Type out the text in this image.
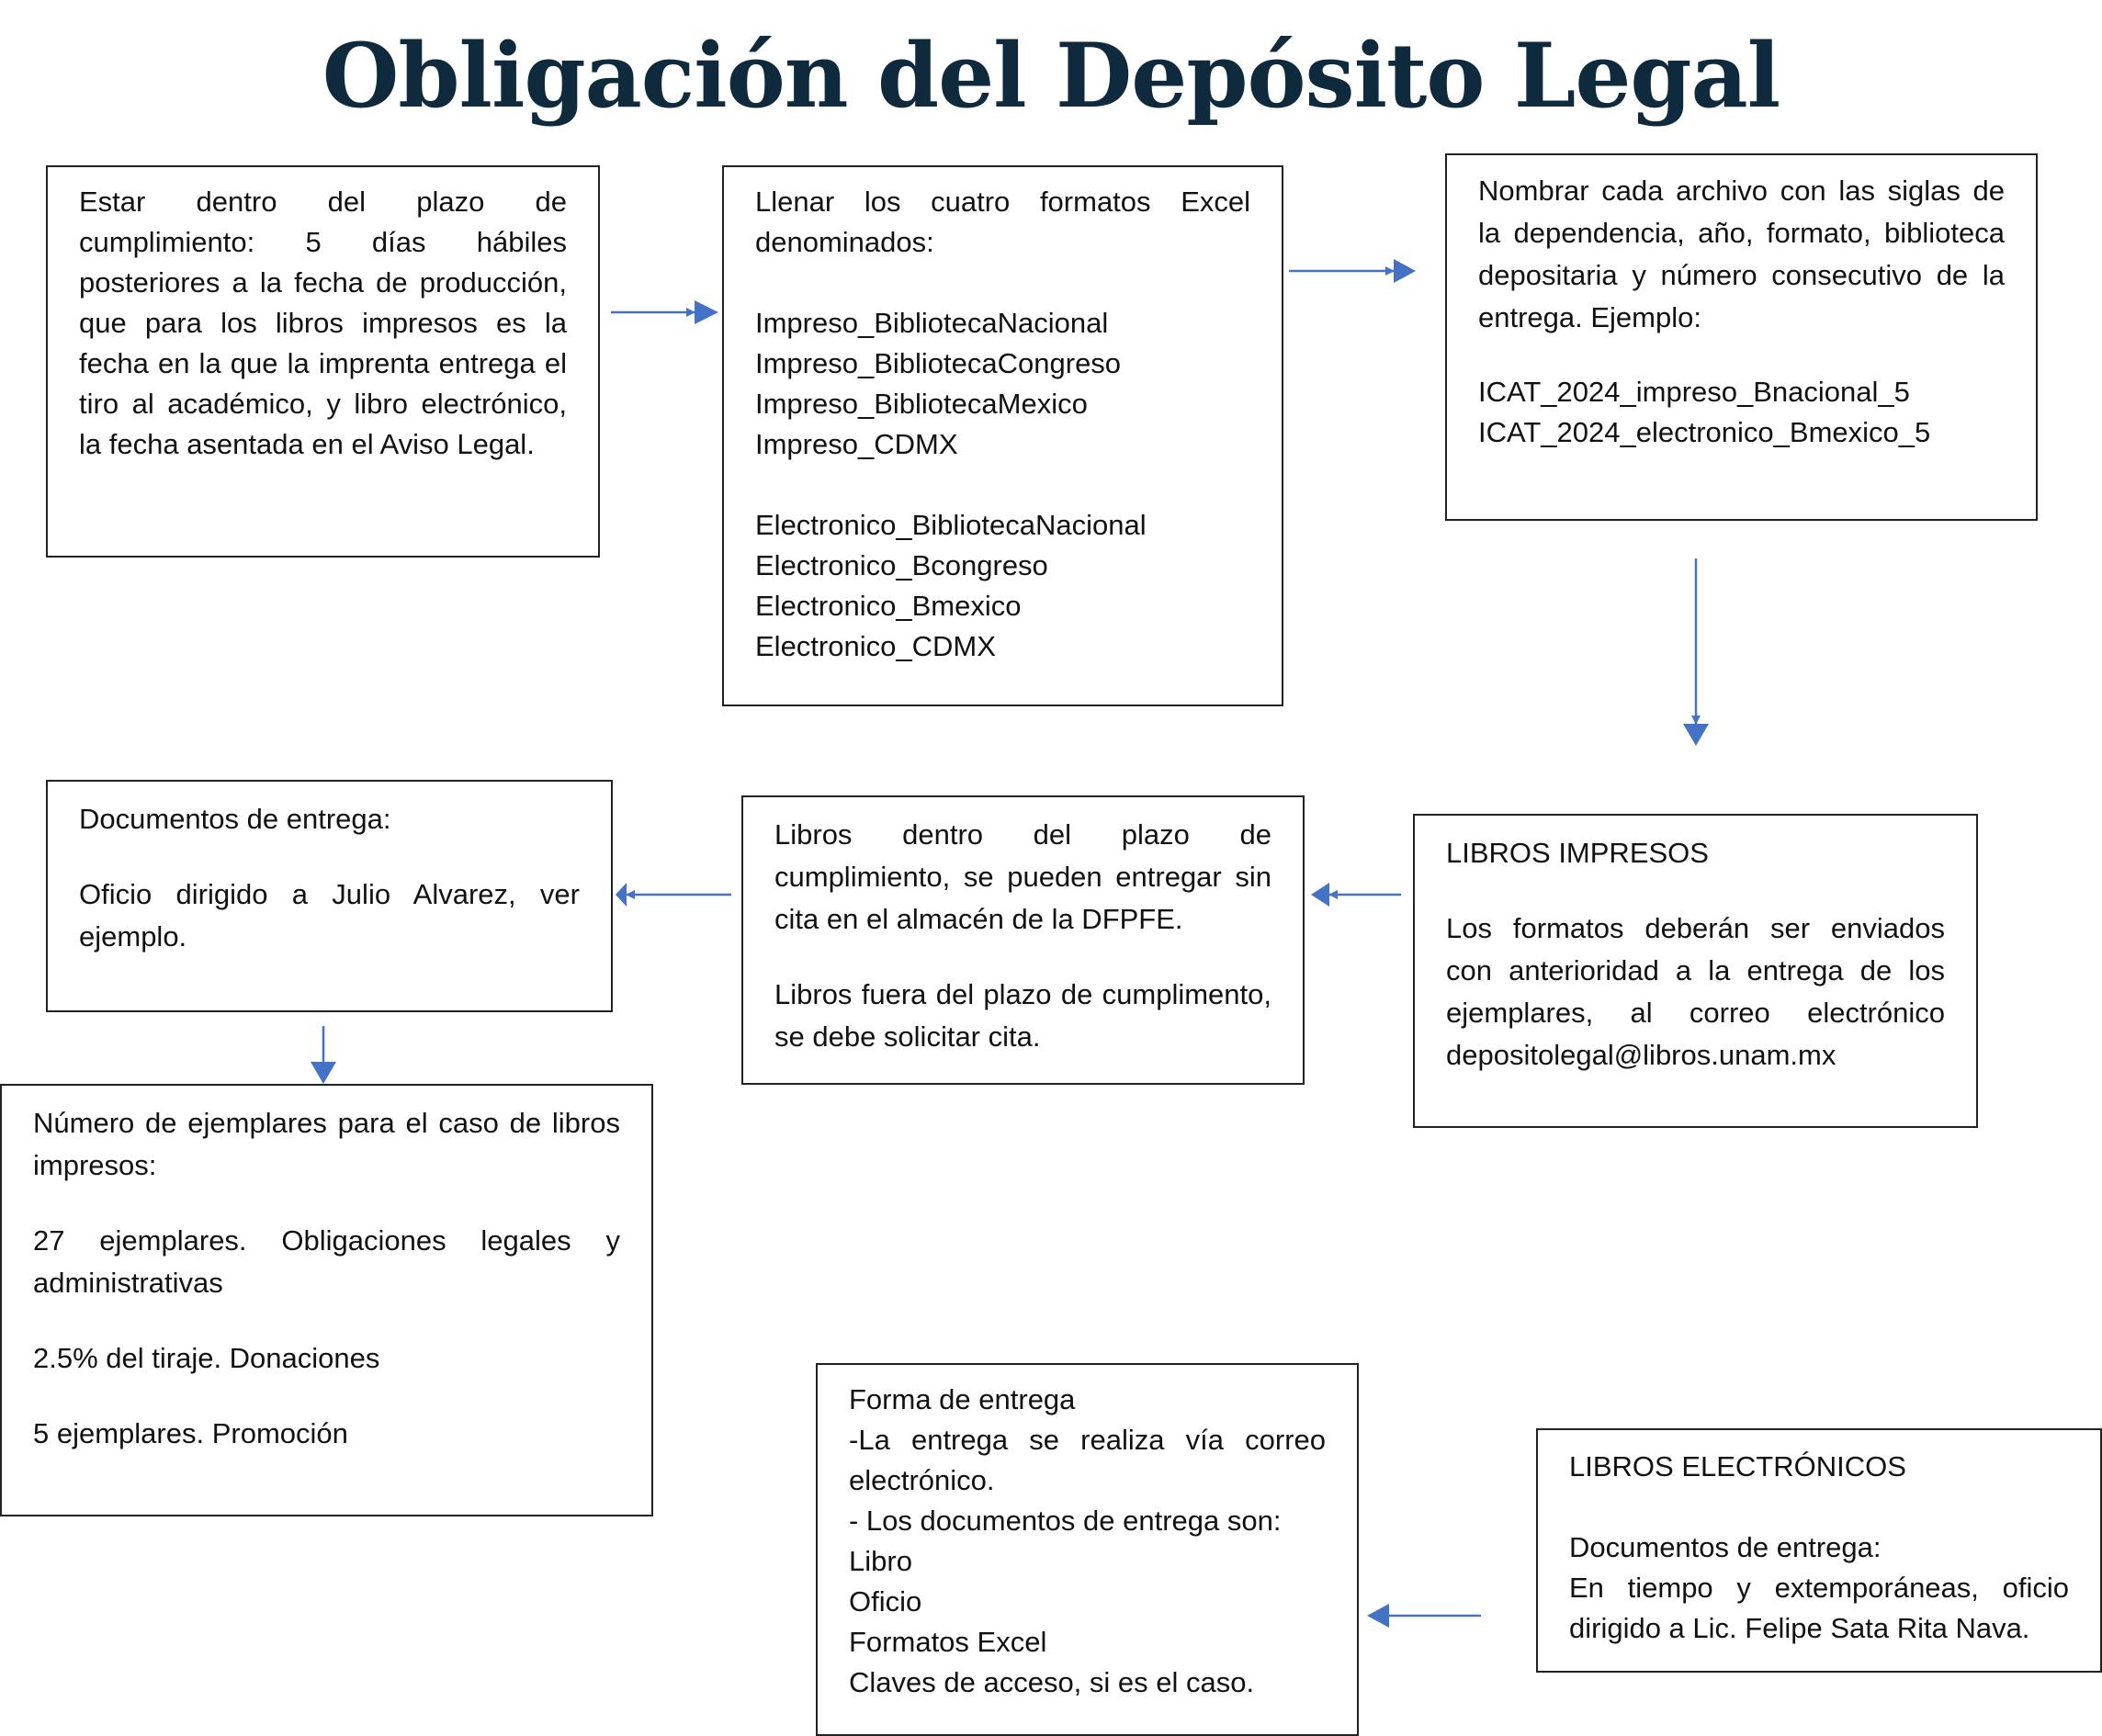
Obligación del Depósito Legal

Estar dentro del plazo de cumplimiento: 5 días hábiles posteriores a la fecha de producción, que para los libros impresos es la fecha en la que la imprenta entrega el tiro al académico, y libro electrónico, la fecha asentada en el Aviso Legal.

Llenar los cuatro formatos Excel denominados:

Impreso_BibliotecaNacional

Impreso_BibliotecaCongreso

Impreso_BibliotecaMexico

Impreso_CDMX

Electronico_BibliotecaNacional

Electronico_Bcongreso

Electronico_Bmexico

Electronico_CDMX

Nombrar cada archivo con las siglas de la dependencia, año, formato, biblioteca depositaria y número consecutivo de la entrega. Ejemplo:

ICAT_2024_impreso_Bnacional_5

ICAT_2024_electronico_Bmexico_5

LIBROS IMPRESOS

Los formatos deberán ser enviados con anterioridad a la entrega de los ejemplares, al correo electrónico depositolegal@libros.unam.mx

Libros dentro del plazo de cumplimiento, se pueden entregar sin cita en el almacén de la DFPFE.

Libros fuera del plazo de cumplimento, se debe solicitar cita.

Documentos de entrega:

Oficio dirigido a Julio Alvarez, ver ejemplo.

Número de ejemplares para el caso de libros impresos:

27 ejemplares. Obligaciones legales y administrativas

2.5% del tiraje. Donaciones

5 ejemplares. Promoción

Forma de entrega

-La entrega se realiza vía correo electrónico.

- Los documentos de entrega son:

Libro

Oficio

Formatos Excel

Claves de acceso, si es el caso.

LIBROS ELECTRÓNICOS

Documentos de entrega:

En tiempo y extemporáneas, oficio dirigido a Lic. Felipe Sata Rita Nava.
